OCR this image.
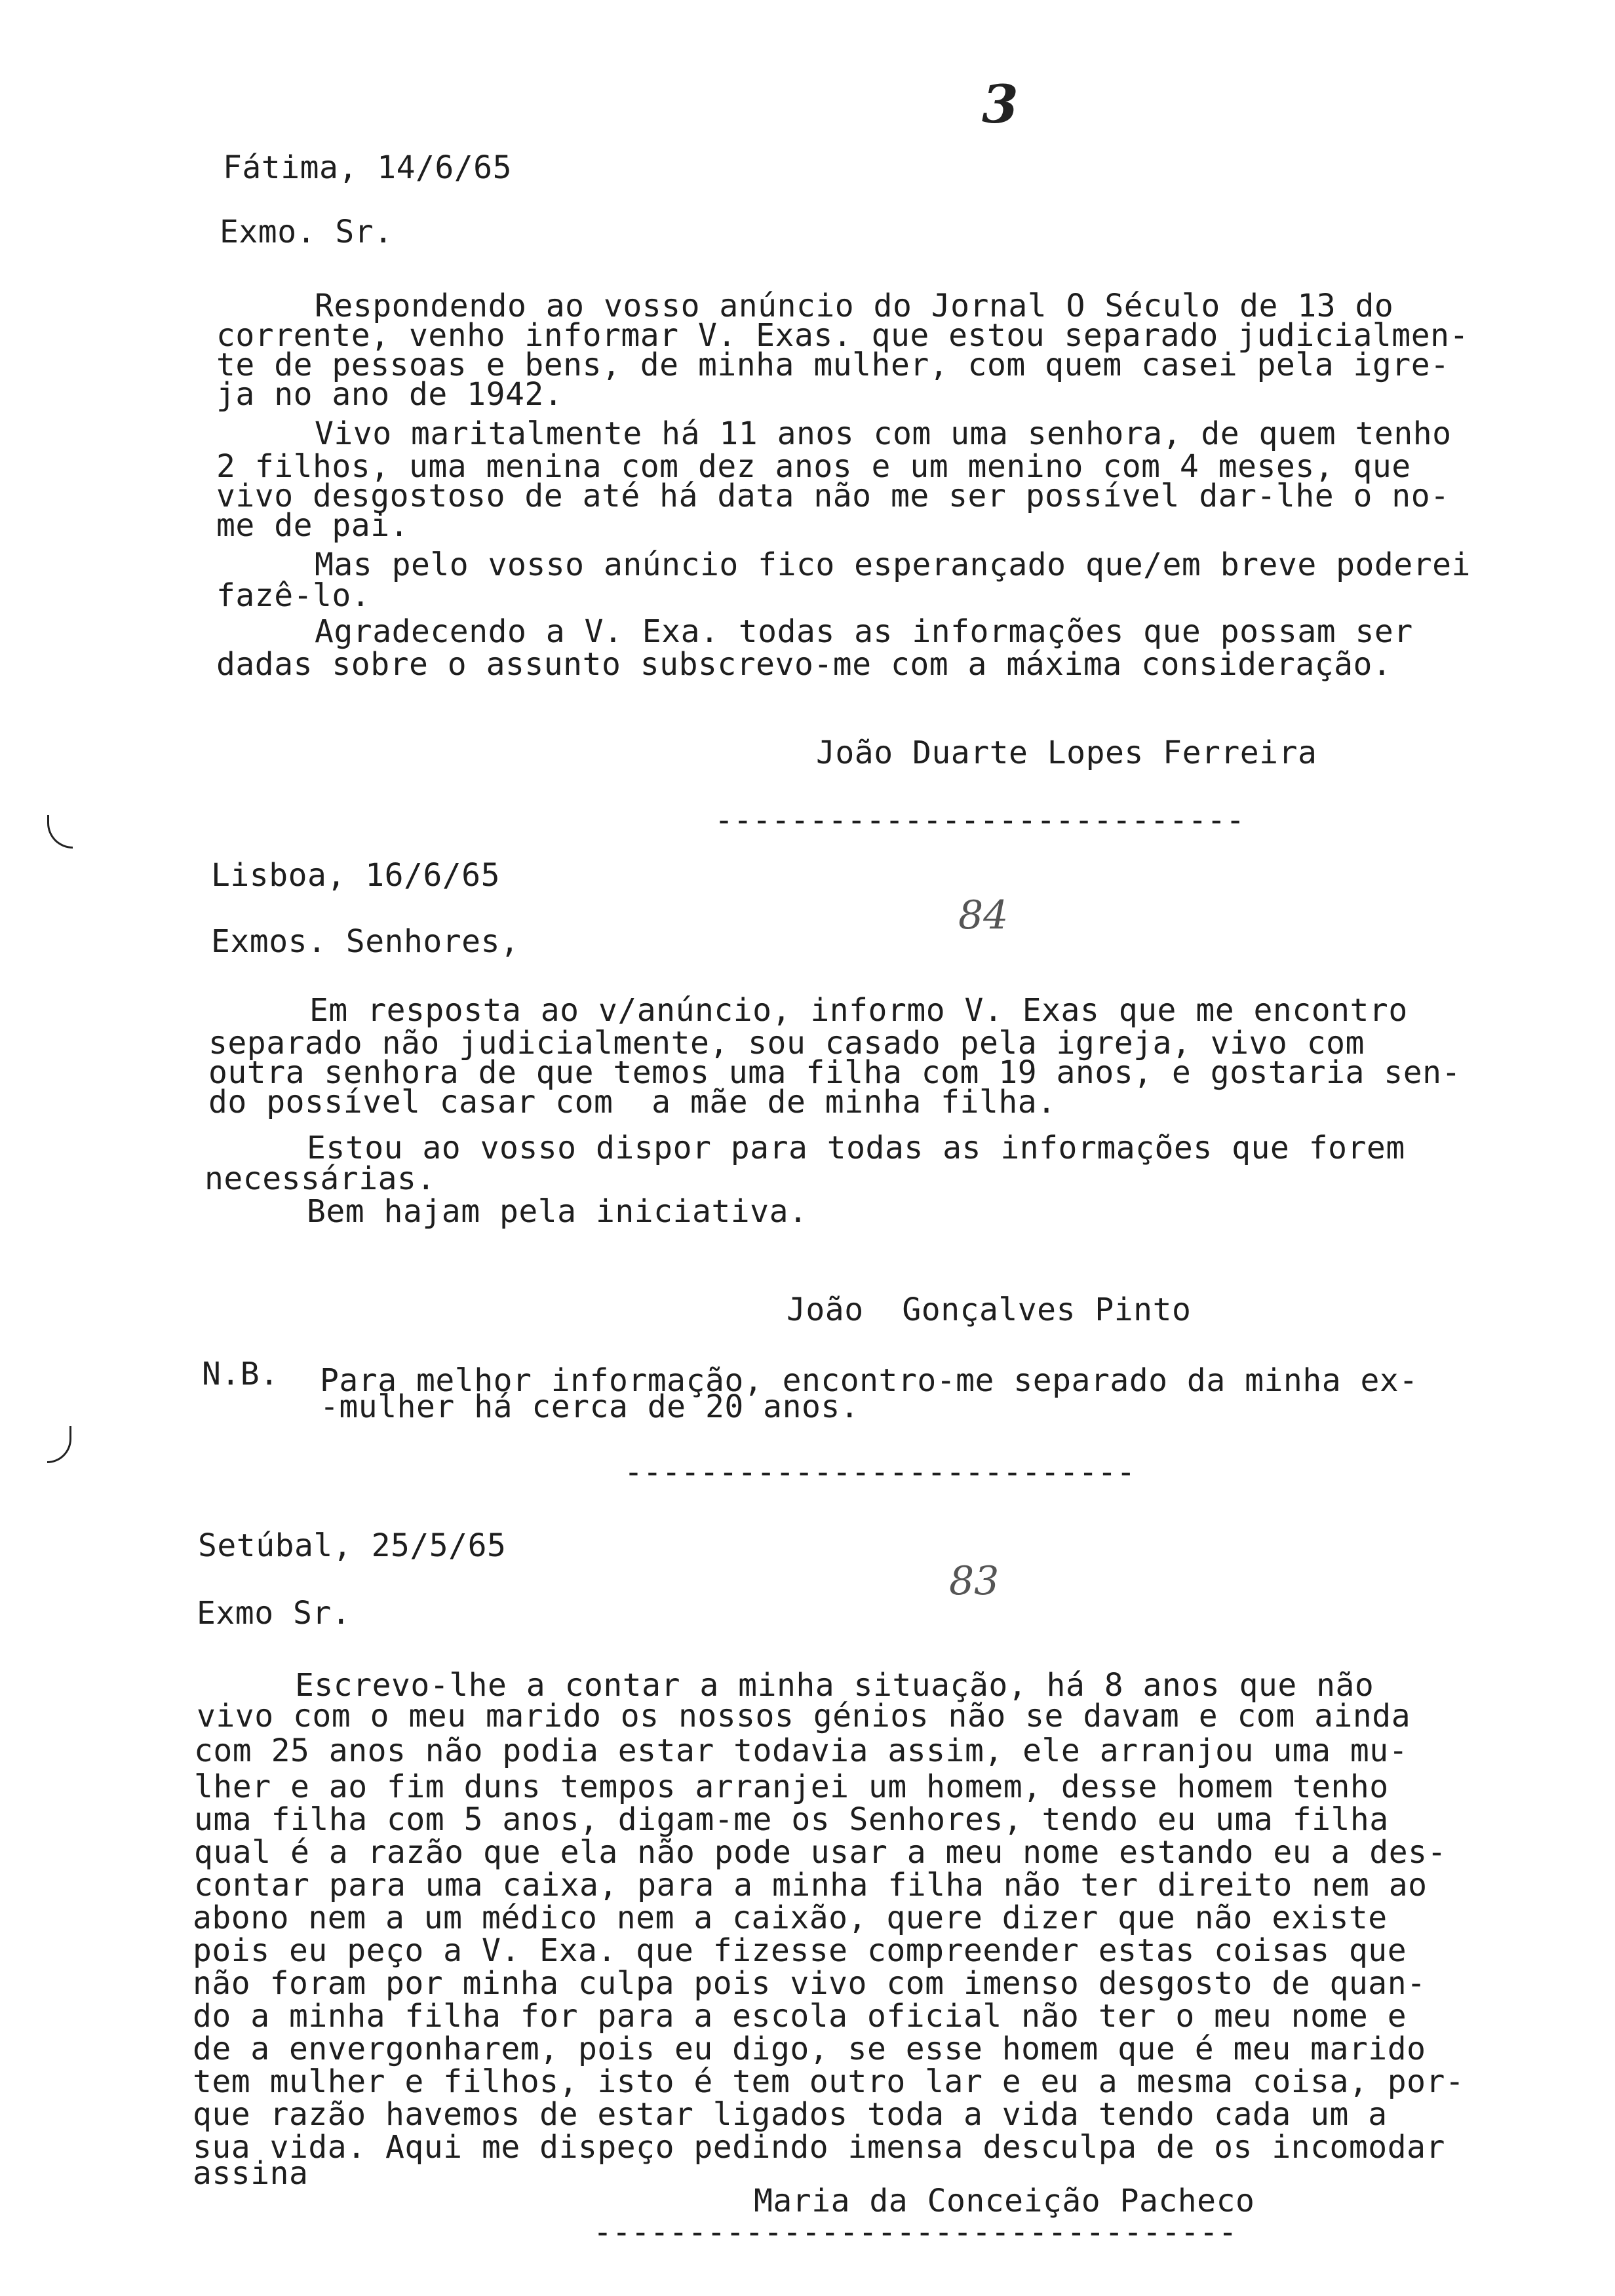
3
Fátima, 14/6/65
Exmo. Sr.
Respondendo ao vosso anúncio do Jornal O Século de 13 do
corrente, venho informar V. Exas. que estou separado judicialmen-
te de pessoas e bens, de minha mulher, com quem casei pela igre-
ja no ano de 1942.
Vivo maritalmente há 11 anos com uma senhora, de quem tenho
2 filhos, uma menina com dez anos e um menino com 4 meses, que
vivo desgostoso de até há data não me ser possível dar-lhe o no-
me de pai.
Mas pelo vosso anúncio fico esperançado que/em breve poderei
fazê-lo.
Agradecendo a V. Exa. todas as informações que possam ser
dadas sobre o assunto subscrevo-me com a máxima consideração.
João Duarte Lopes Ferreira
----------------------------
Lisboa, 16/6/65
84
Exmos. Senhores,
Em resposta ao v/anúncio, informo V. Exas que me encontro
separado não judicialmente, sou casado pela igreja, vivo com
outra senhora de que temos uma filha com 19 anos, e gostaria sen-
do possível casar com  a mãe de minha filha.
Estou ao vosso dispor para todas as informações que forem
necessárias.
Bem hajam pela iniciativa.
João  Gonçalves Pinto
N.B. Para melhor informação, encontro-me separado da minha ex-
-mulher há cerca de 20 anos.
---------------------------
Setúbal, 25/5/65
83
Exmo Sr.
Escrevo-lhe a contar a minha situação, há 8 anos que não
vivo com o meu marido os nossos génios não se davam e com ainda
com 25 anos não podia estar todavia assim, ele arranjou uma mu-
lher e ao fim duns tempos arranjei um homem, desse homem tenho
uma filha com 5 anos, digam-me os Senhores, tendo eu uma filha
qual é a razão que ela não pode usar a meu nome estando eu a des-
contar para uma caixa, para a minha filha não ter direito nem ao
abono nem a um médico nem a caixão, quere dizer que não existe
pois eu peço a V. Exa. que fizesse compreender estas coisas que
não foram por minha culpa pois vivo com imenso desgosto de quan-
do a minha filha for para a escola oficial não ter o meu nome e
de a envergonharem, pois eu digo, se esse homem que é meu marido
tem mulher e filhos, isto é tem outro lar e eu a mesma coisa, por-
que razão havemos de estar ligados toda a vida tendo cada um a
sua vida. Aqui me dispeço pedindo imensa desculpa de os incomodar
assina
Maria da Conceição Pacheco
----------------------------------
